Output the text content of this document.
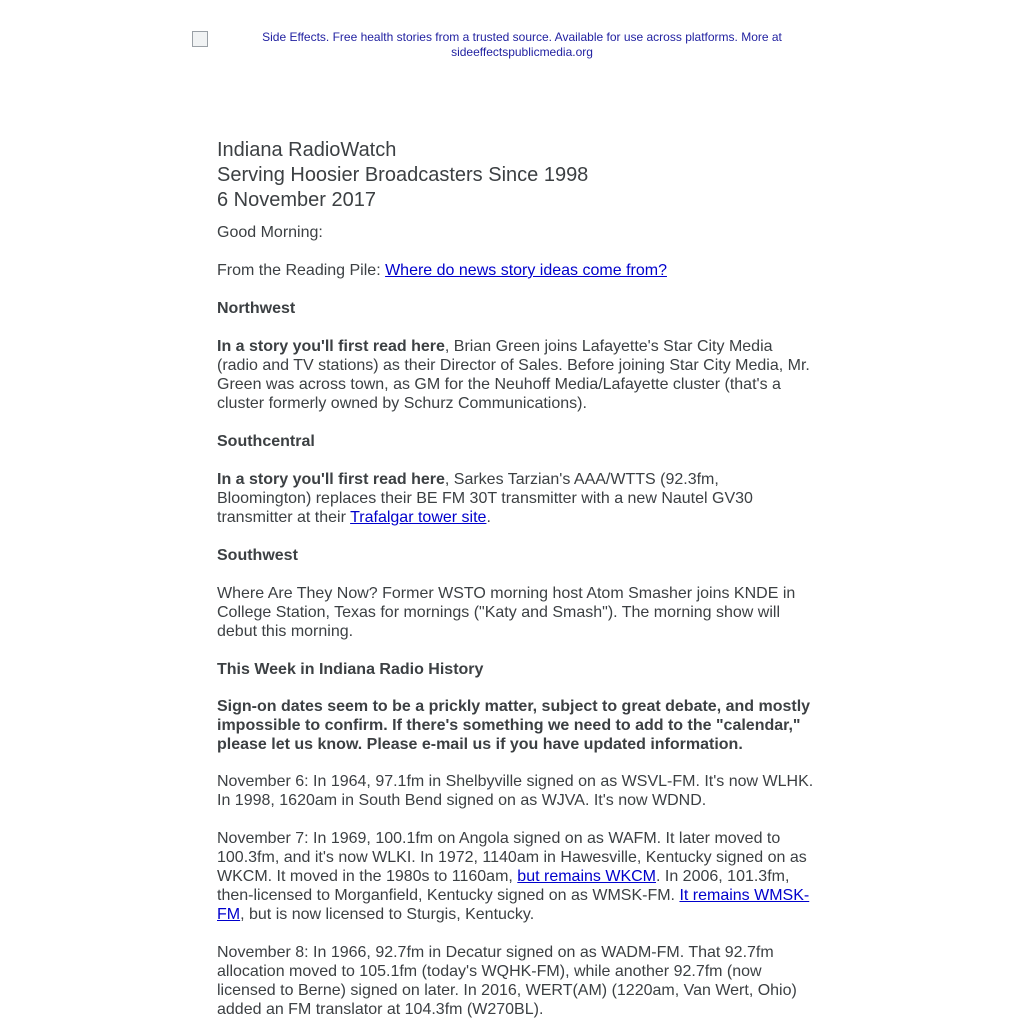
Side Effects. Free health stories from a trusted source. Available for use across platforms. More at
sideeffectspublicmedia.org
Indiana RadioWatch
Serving Hoosier Broadcasters Since 1998
6 November 2017

Good Morning:

From the Reading Pile: Where do news story ideas come from?

Northwest

In a story you'll first read here, Brian Green joins Lafayette's Star City Media (radio and TV stations) as their Director of Sales. Before joining Star City Media, Mr. Green was across town, as GM for the Neuhoff Media/Lafayette cluster (that's a cluster formerly owned by Schurz Communications).

Southcentral

In a story you'll first read here, Sarkes Tarzian's AAA/WTTS (92.3fm, Bloomington) replaces their BE FM 30T transmitter with a new Nautel GV30 transmitter at their Trafalgar tower site.

Southwest

Where Are They Now? Former WSTO morning host Atom Smasher joins KNDE in College Station, Texas for mornings ("Katy and Smash"). The morning show will debut this morning.

This Week in Indiana Radio History

Sign-on dates seem to be a prickly matter, subject to great debate, and mostly impossible to confirm. If there's something we need to add to the "calendar," please let us know. Please e-mail us if you have updated information.

November 6: In 1964, 97.1fm in Shelbyville signed on as WSVL-FM. It's now WLHK. In 1998, 1620am in South Bend signed on as WJVA. It's now WDND.

November 7: In 1969, 100.1fm on Angola signed on as WAFM. It later moved to 100.3fm, and it's now WLKI. In 1972, 1140am in Hawesville, Kentucky signed on as WKCM. It moved in the 1980s to 1160am, but remains WKCM. In 2006, 101.3fm, then-licensed to Morganfield, Kentucky signed on as WMSK-FM. It remains WMSK-FM, but is now licensed to Sturgis, Kentucky.

November 8: In 1966, 92.7fm in Decatur signed on as WADM-FM. That 92.7fm allocation moved to 105.1fm (today's WQHK-FM), while another 92.7fm (now licensed to Berne) signed on later. In 2016, WERT(AM) (1220am, Van Wert, Ohio) added an FM translator at 104.3fm (W270BL).
